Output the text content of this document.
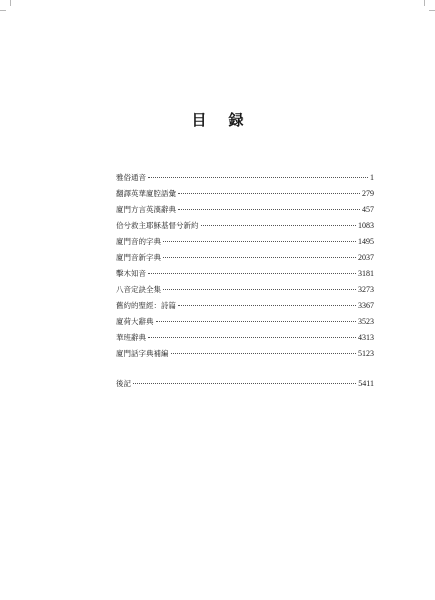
目 録
雅俗通音	1
翻譯英華廈腔語彙	279
廈門方言英漢辭典	457
佮兮救主耶穌基督兮新約	1083
廈門音的字典	1495
廈門音新字典	2037
擊木知音	3181
八音定訣全集	3273
舊約的聖經：詩篇	3367
廈荷大辭典	3523
華班辭典	4313
廈門話字典補編	5123
後記	5411
